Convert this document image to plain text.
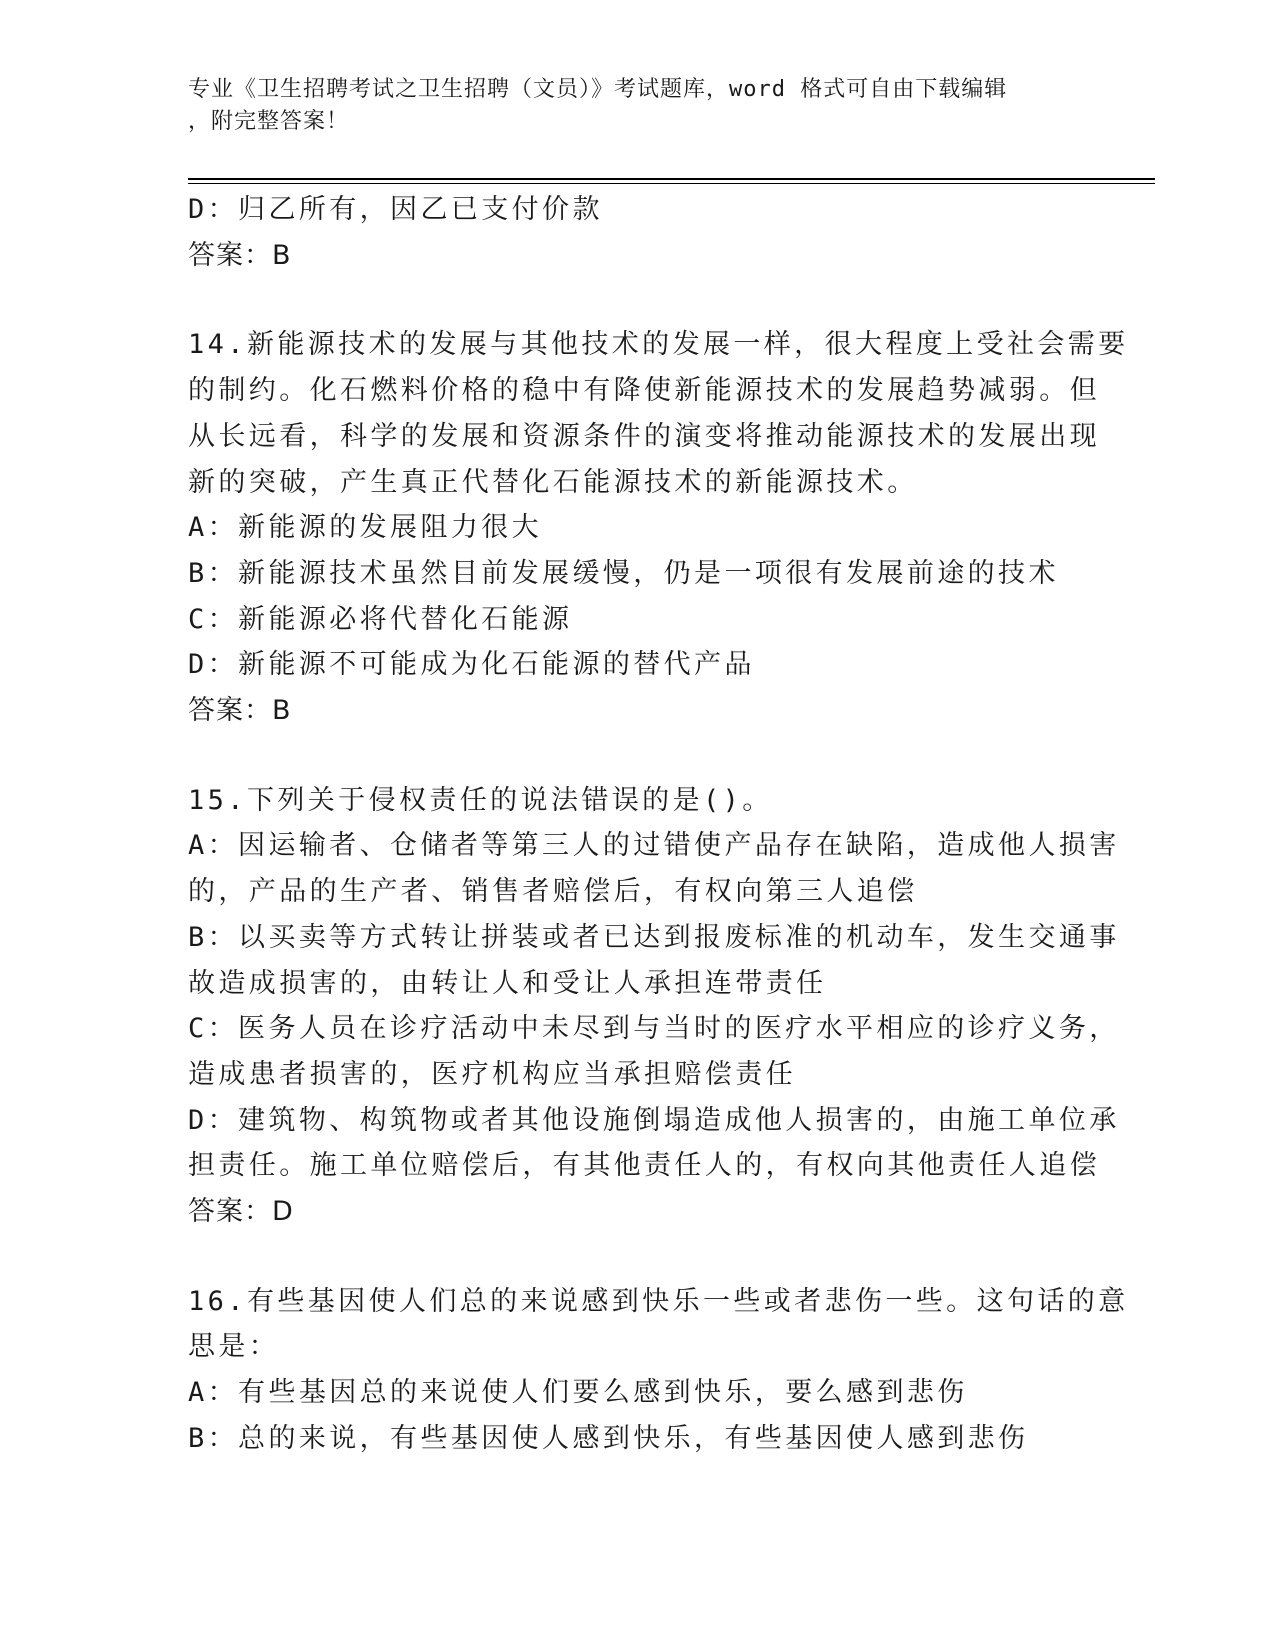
专业《卫生招聘考试之卫生招聘（文员）》考试题库，word 格式可自由下载编辑
，附完整答案！
D：归乙所有，因乙已支付价款
答案：B
14.新能源技术的发展与其他技术的发展一样，很大程度上受社会需要
的制约。化石燃料价格的稳中有降使新能源技术的发展趋势减弱。但
从长远看，科学的发展和资源条件的演变将推动能源技术的发展出现
新的突破，产生真正代替化石能源技术的新能源技术。
A：新能源的发展阻力很大
B：新能源技术虽然目前发展缓慢，仍是一项很有发展前途的技术
C：新能源必将代替化石能源
D：新能源不可能成为化石能源的替代产品
答案：B
15.下列关于侵权责任的说法错误的是()。
A：因运输者、仓储者等第三人的过错使产品存在缺陷，造成他人损害
的，产品的生产者、销售者赔偿后，有权向第三人追偿
B：以买卖等方式转让拼装或者已达到报废标准的机动车，发生交通事
故造成损害的，由转让人和受让人承担连带责任
C：医务人员在诊疗活动中未尽到与当时的医疗水平相应的诊疗义务，
造成患者损害的，医疗机构应当承担赔偿责任
D：建筑物、构筑物或者其他设施倒塌造成他人损害的，由施工单位承
担责任。施工单位赔偿后，有其他责任人的，有权向其他责任人追偿
答案：D
16.有些基因使人们总的来说感到快乐一些或者悲伤一些。这句话的意
思是：
A：有些基因总的来说使人们要么感到快乐，要么感到悲伤
B：总的来说，有些基因使人感到快乐，有些基因使人感到悲伤
